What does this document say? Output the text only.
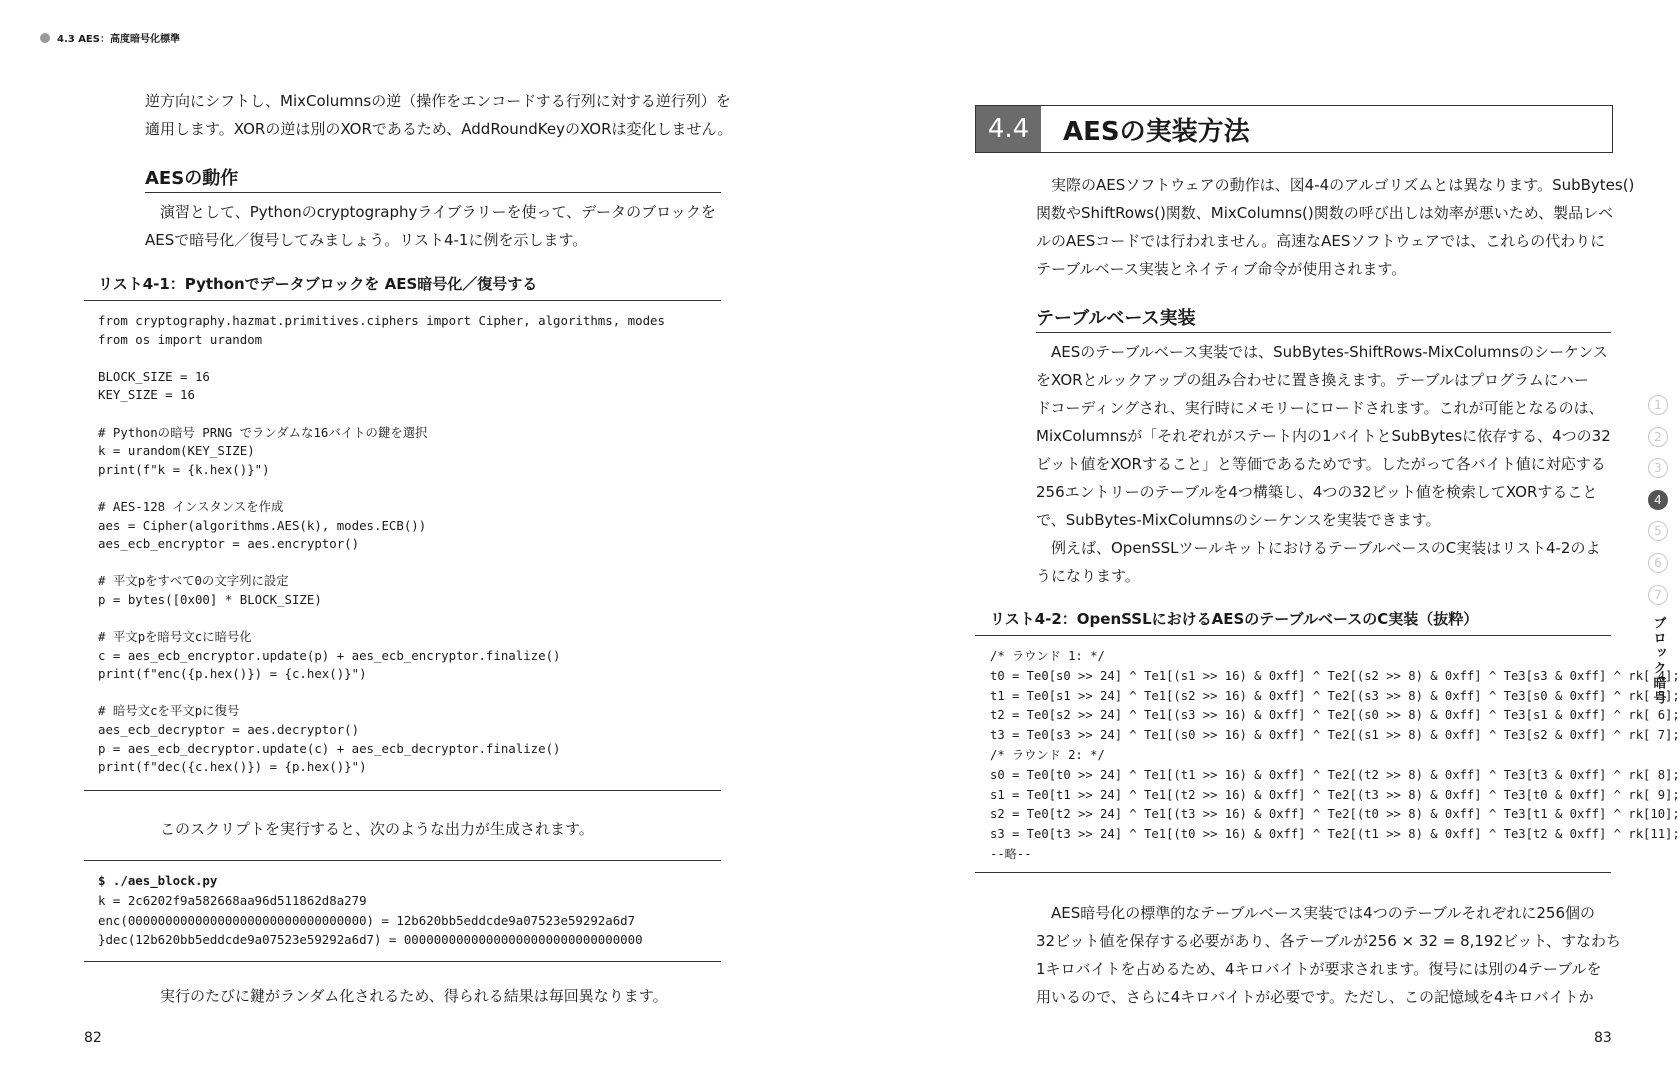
4.3 AES：高度暗号化標準
逆方向にシフトし、MixColumnsの逆（操作をエンコードする行列に対する逆行列）を
適用します。XORの逆は別のXORであるため、AddRoundKeyのXORは変化しません。
AESの動作
　演習として、Pythonのcryptographyライブラリーを使って、データのブロックを
AESで暗号化／復号してみましょう。リスト4-1に例を示します。
リスト4-1：Pythonでデータブロックを AES暗号化／復号する
from cryptography.hazmat.primitives.ciphers import Cipher, algorithms, modes
from os import urandom

BLOCK_SIZE = 16
KEY_SIZE = 16

# Pythonの暗号 PRNG でランダムな16バイトの鍵を選択
k = urandom(KEY_SIZE)
print(f"k = {k.hex()}")

# AES-128 インスタンスを作成
aes = Cipher(algorithms.AES(k), modes.ECB())
aes_ecb_encryptor = aes.encryptor()

# 平文pをすべて0の文字列に設定
p = bytes([0x00] * BLOCK_SIZE)

# 平文pを暗号文cに暗号化
c = aes_ecb_encryptor.update(p) + aes_ecb_encryptor.finalize()
print(f"enc({p.hex()}) = {c.hex()}")

# 暗号文cを平文pに復号
aes_ecb_decryptor = aes.decryptor()
p = aes_ecb_decryptor.update(c) + aes_ecb_decryptor.finalize()
print(f"dec({c.hex()}) = {p.hex()}")
このスクリプトを実行すると、次のような出力が生成されます。
$ ./aes_block.py
k = 2c6202f9a582668aa96d511862d8a279
enc(00000000000000000000000000000000) = 12b620bb5eddcde9a07523e59292a6d7
}dec(12b620bb5eddcde9a07523e59292a6d7) = 00000000000000000000000000000000
実行のたびに鍵がランダム化されるため、得られる結果は毎回異なります。
82
4.4	AESの実装方法
　実際のAESソフトウェアの動作は、図4-4のアルゴリズムとは異なります。SubBytes()
関数やShiftRows()関数、MixColumns()関数の呼び出しは効率が悪いため、製品レベ
ルのAESコードでは行われません。高速なAESソフトウェアでは、これらの代わりに
テーブルベース実装とネイティブ命令が使用されます。
テーブルベース実装
　AESのテーブルベース実装では、SubBytes-ShiftRows-MixColumnsのシーケンス
をXORとルックアップの組み合わせに置き換えます。テーブルはプログラムにハー
ドコーディングされ、実行時にメモリーにロードされます。これが可能となるのは、
MixColumnsが「それぞれがステート内の1バイトとSubBytesに依存する、4つの32
ビット値をXORすること」と等価であるためです。したがって各バイト値に対応する
256エントリーのテーブルを4つ構築し、4つの32ビット値を検索してXORすること
で、SubBytes-MixColumnsのシーケンスを実装できます。
　例えば、OpenSSLツールキットにおけるテーブルベースのC実装はリスト4-2のよ
うになります。
リスト4-2：OpenSSLにおけるAESのテーブルベースのC実装（抜粋）
/* ラウンド 1: */
t0 = Te0[s0 >> 24] ^ Te1[(s1 >> 16) & 0xff] ^ Te2[(s2 >> 8) & 0xff] ^ Te3[s3 & 0xff] ^ rk[ 4];
t1 = Te0[s1 >> 24] ^ Te1[(s2 >> 16) & 0xff] ^ Te2[(s3 >> 8) & 0xff] ^ Te3[s0 & 0xff] ^ rk[ 5];
t2 = Te0[s2 >> 24] ^ Te1[(s3 >> 16) & 0xff] ^ Te2[(s0 >> 8) & 0xff] ^ Te3[s1 & 0xff] ^ rk[ 6];
t3 = Te0[s3 >> 24] ^ Te1[(s0 >> 16) & 0xff] ^ Te2[(s1 >> 8) & 0xff] ^ Te3[s2 & 0xff] ^ rk[ 7];
/* ラウンド 2: */
s0 = Te0[t0 >> 24] ^ Te1[(t1 >> 16) & 0xff] ^ Te2[(t2 >> 8) & 0xff] ^ Te3[t3 & 0xff] ^ rk[ 8];
s1 = Te0[t1 >> 24] ^ Te1[(t2 >> 16) & 0xff] ^ Te2[(t3 >> 8) & 0xff] ^ Te3[t0 & 0xff] ^ rk[ 9];
s2 = Te0[t2 >> 24] ^ Te1[(t3 >> 16) & 0xff] ^ Te2[(t0 >> 8) & 0xff] ^ Te3[t1 & 0xff] ^ rk[10];
s3 = Te0[t3 >> 24] ^ Te1[(t0 >> 16) & 0xff] ^ Te2[(t1 >> 8) & 0xff] ^ Te3[t2 & 0xff] ^ rk[11];
--略--
　AES暗号化の標準的なテーブルベース実装では4つのテーブルそれぞれに256個の
32ビット値を保存する必要があり、各テーブルが256 × 32 = 8,192ビット、すなわち
1キロバイトを占めるため、4キロバイトが要求されます。復号には別の4テーブルを
用いるので、さらに4キロバイトが必要です。ただし、この記憶域を4キロバイトか
83
1
2
3
4
5
6
7
ブロック暗号
